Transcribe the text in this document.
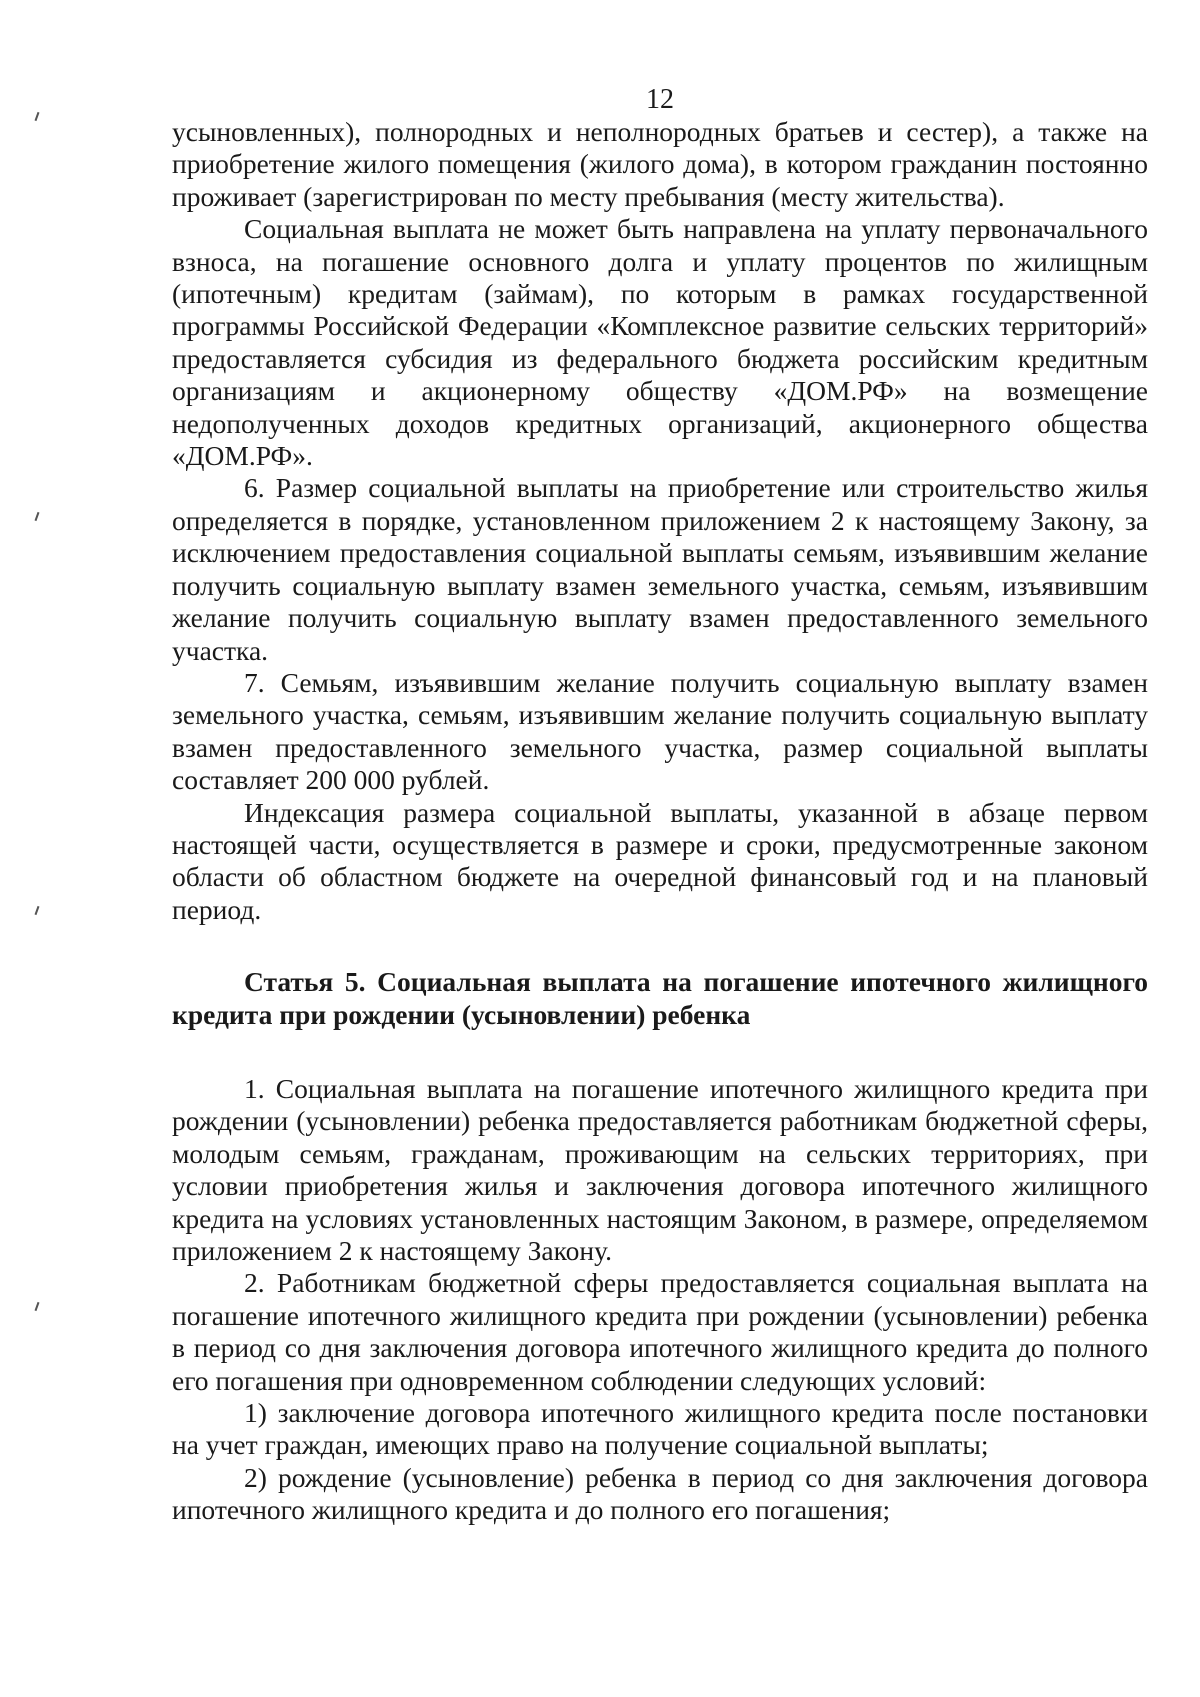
12

усыновленных), полнородных и неполнородных братьев и сестер), а также на приобретение жилого помещения (жилого дома), в котором гражданин постоянно проживает (зарегистрирован по месту пребывания (месту жительства).

Социальная выплата не может быть направлена на уплату первоначального взноса, на погашение основного долга и уплату процентов по жилищным (ипотечным) кредитам (займам), по которым в рамках государственной программы Российской Федерации «Комплексное развитие сельских территорий» предоставляется субсидия из федерального бюджета российским кредитным организациям и акционерному обществу «ДОМ.РФ» на возмещение недополученных доходов кредитных организаций, акционерного общества «ДОМ.РФ».

6. Размер социальной выплаты на приобретение или строительство жилья определяется в порядке, установленном приложением 2 к настоящему Закону, за исключением предоставления социальной выплаты семьям, изъявившим желание получить социальную выплату взамен земельного участка, семьям, изъявившим желание получить социальную выплату взамен предоставленного земельного участка.

7. Семьям, изъявившим желание получить социальную выплату взамен земельного участка, семьям, изъявившим желание получить социальную выплату взамен предоставленного земельного участка, размер социальной выплаты составляет 200 000 рублей.

Индексация размера социальной выплаты, указанной в абзаце первом настоящей части, осуществляется в размере и сроки, предусмотренные законом области об областном бюджете на очередной финансовый год и на плановый период.

Статья 5. Социальная выплата на погашение ипотечного жилищного кредита при рождении (усыновлении) ребенка

1. Социальная выплата на погашение ипотечного жилищного кредита при рождении (усыновлении) ребенка предоставляется работникам бюджетной сферы, молодым семьям, гражданам, проживающим на сельских территориях, при условии приобретения жилья и заключения договора ипотечного жилищного кредита на условиях установленных настоящим Законом, в размере, определяемом приложением 2 к настоящему Закону.

2. Работникам бюджетной сферы предоставляется социальная выплата на погашение ипотечного жилищного кредита при рождении (усыновлении) ребенка в период со дня заключения договора ипотечного жилищного кредита до полного его погашения при одновременном соблюдении следующих условий:

1) заключение договора ипотечного жилищного кредита после постановки на учет граждан, имеющих право на получение социальной выплаты;

2) рождение (усыновление) ребенка в период со дня заключения договора ипотечного жилищного кредита и до полного его погашения;
